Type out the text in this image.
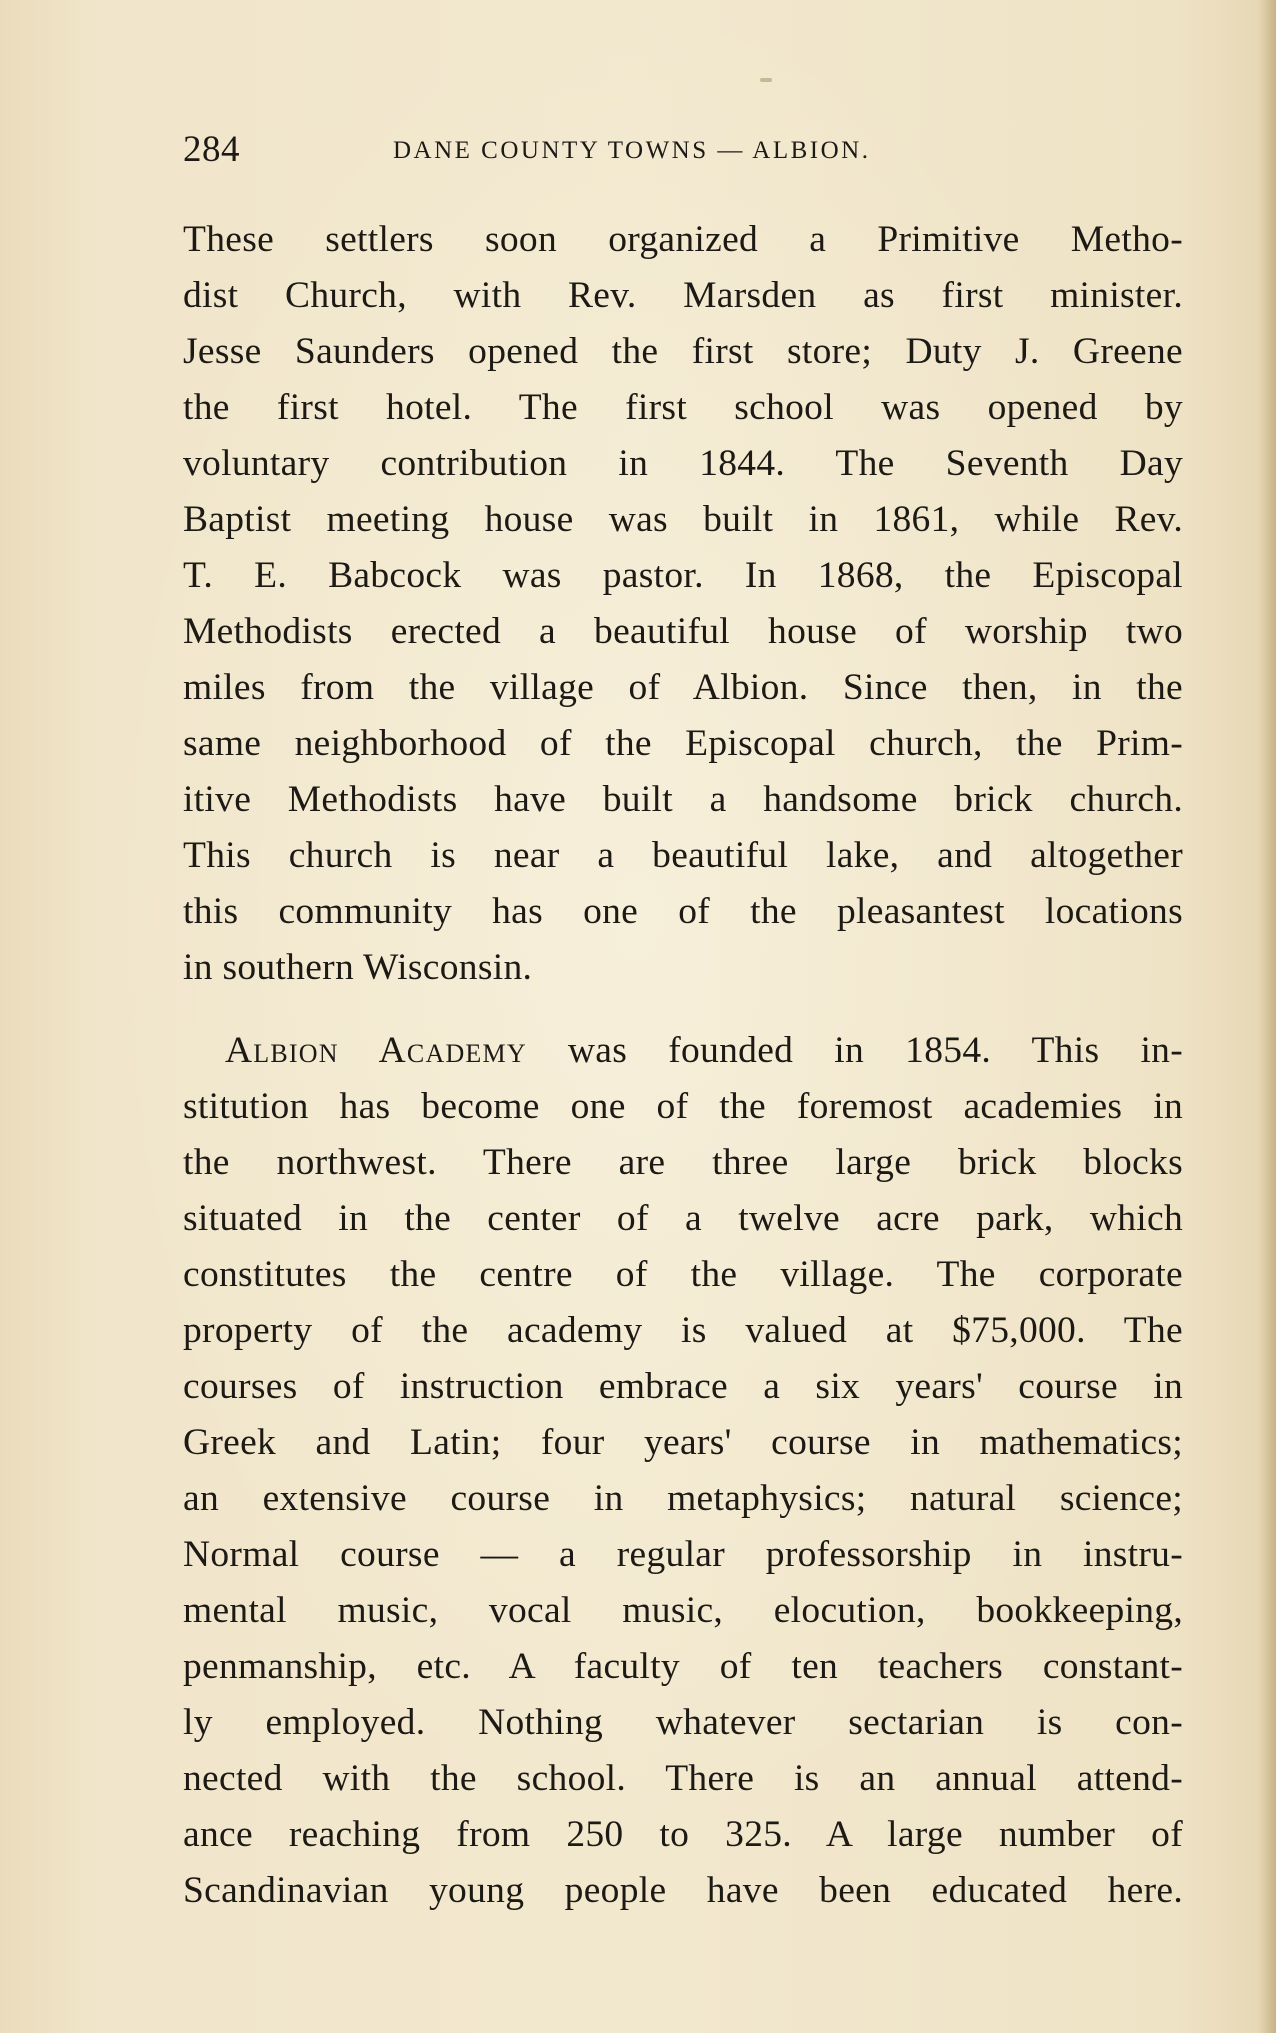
284	DANE COUNTY TOWNS — ALBION.
These settlers soon organized a Primitive Metho-
dist Church, with Rev. Marsden as first minister.
Jesse Saunders opened the first store; Duty J. Greene
the first hotel. The first school was opened by
voluntary contribution in 1844. The Seventh Day
Baptist meeting house was built in 1861, while Rev.
T. E. Babcock was pastor. In 1868, the Episcopal
Methodists erected a beautiful house of worship two
miles from the village of Albion. Since then, in the
same neighborhood of the Episcopal church, the Prim-
itive Methodists have built a handsome brick church.
This church is near a beautiful lake, and altogether
this community has one of the pleasantest locations
in southern Wisconsin.
Albion Academy was founded in 1854. This in-
stitution has become one of the foremost academies in
the northwest. There are three large brick blocks
situated in the center of a twelve acre park, which
constitutes the centre of the village. The corporate
property of the academy is valued at $75,000. The
courses of instruction embrace a six years' course in
Greek and Latin; four years' course in mathematics;
an extensive course in metaphysics; natural science;
Normal course — a regular professorship in instru-
mental music, vocal music, elocution, bookkeeping,
penmanship, etc. A faculty of ten teachers constant-
ly employed. Nothing whatever sectarian is con-
nected with the school. There is an annual attend-
ance reaching from 250 to 325. A large number of
Scandinavian young people have been educated here.
